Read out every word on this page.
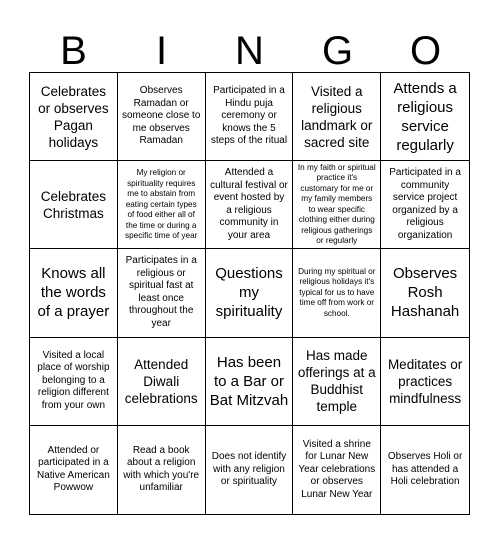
B	I	N	G	O
Celebrates or observes Pagan holidays
Observes Ramadan or someone close to me observes Ramadan
Participated in a Hindu puja ceremony or knows the 5 steps of the ritual
Visited a religious landmark or sacred site
Attends a religious service regularly
Celebrates Christmas
My religion or spirituality requires me to abstain from eating certain types of food either all of the time or during a specific time of year
Attended a cultural festival or event hosted by a religious community in your area
In my faith or spiritual practice it's customary for me or my family members to wear specific clothing either during religious gatherings or regularly
Participated in a community service project organized by a religious organization
Knows all the words of a prayer
Participates in a religious or spiritual fast at least once throughout the year
Questions my spirituality
During my spiritual or religious holidays it's typical for us to have time off from work or school.
Observes Rosh Hashanah
Visited a local place of worship belonging to a religion different from your own
Attended Diwali celebrations
Has been to a Bar or Bat Mitzvah
Has made offerings at a Buddhist temple
Meditates or practices mindfulness
Attended or participated in a Native American Powwow
Read a book about a religion with which you're unfamiliar
Does not identify with any religion or spirituality
Visited a shrine for Lunar New Year celebrations or observes Lunar New Year
Observes Holi or has attended a Holi celebration
